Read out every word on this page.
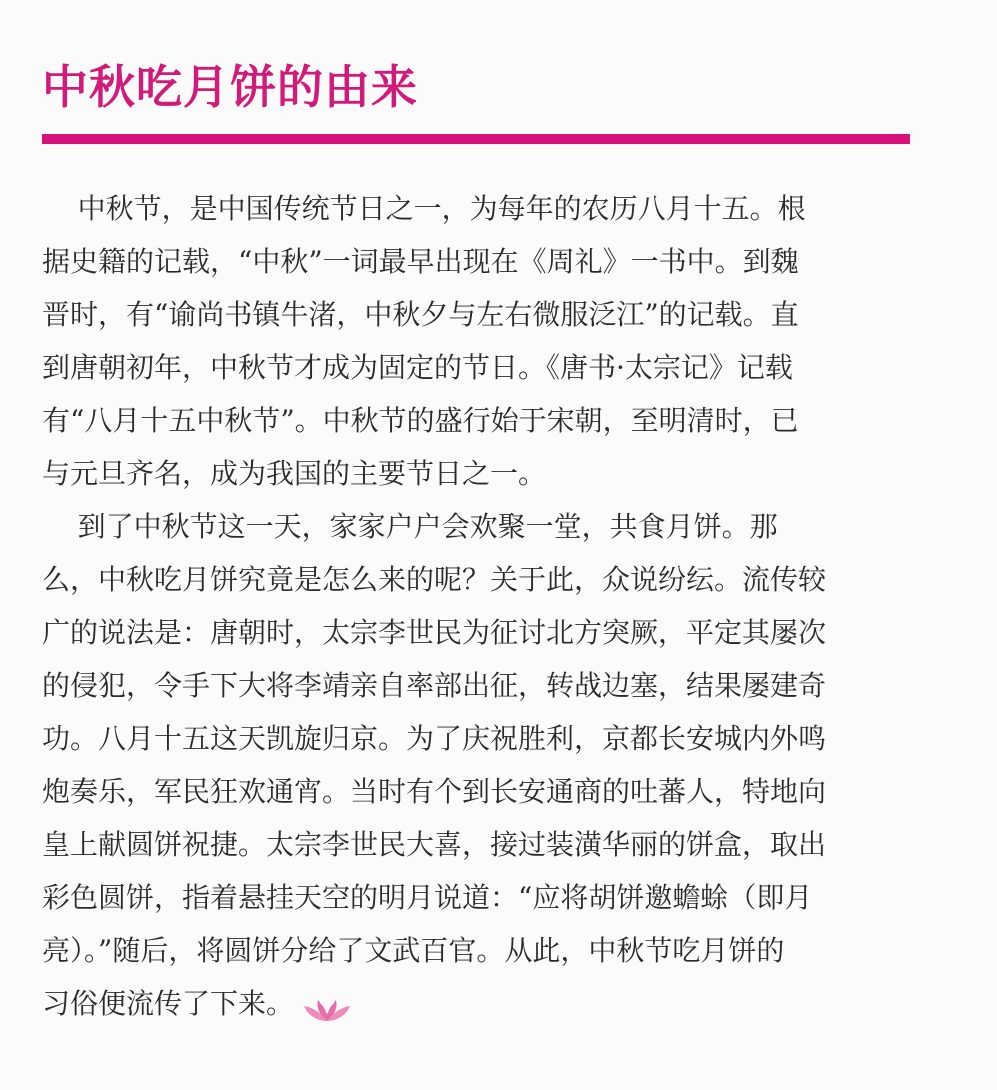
中秋吃月饼的由来
中秋节，是中国传统节日之一，为每年的农历八月十五。根
据史籍的记载，“中秋”一词最早出现在《周礼》一书中。到魏
晋时，有“谕尚书镇牛渚，中秋夕与左右微服泛江”的记载。直
到唐朝初年，中秋节才成为固定的节日。《唐书·太宗记》记载
有“八月十五中秋节”。中秋节的盛行始于宋朝，至明清时，已
与元旦齐名，成为我国的主要节日之一。
到了中秋节这一天，家家户户会欢聚一堂，共食月饼。那
么，中秋吃月饼究竟是怎么来的呢？关于此，众说纷纭。流传较
广的说法是：唐朝时，太宗李世民为征讨北方突厥，平定其屡次
的侵犯，令手下大将李靖亲自率部出征，转战边塞，结果屡建奇
功。八月十五这天凯旋归京。为了庆祝胜利，京都长安城内外鸣
炮奏乐，军民狂欢通宵。当时有个到长安通商的吐蕃人，特地向
皇上献圆饼祝捷。太宗李世民大喜，接过装潢华丽的饼盒，取出
彩色圆饼，指着悬挂天空的明月说道：“应将胡饼邀蟾蜍（即月
亮）。”随后，将圆饼分给了文武百官。从此，中秋节吃月饼的
习俗便流传了下来。
